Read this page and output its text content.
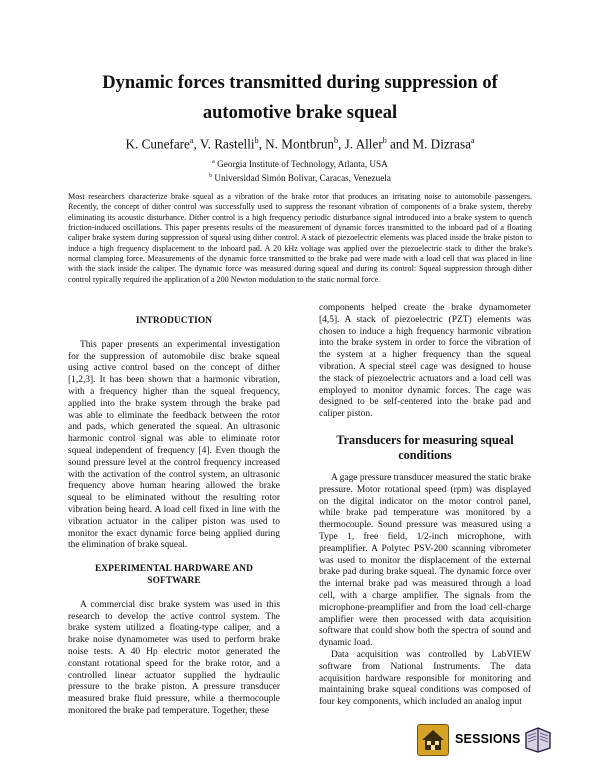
Dynamic forces transmitted during suppression of
automotive brake squeal
K. Cunefare$^a$, V. Rastelli$^b$, N. Montbrun$^b$, J. Aller$^b$ and M. Dizrasa$^a$
$^a$ Georgia Institute of Technology, Atlanta, USA
$^b$ Universidad Simón Bolívar, Caracas, Venezuela

Most researchers characterize brake squeal as a vibration of the brake rotor that produces an irritating noise to automobile passengers. Recently, the concept of dither control was successfully used to suppress the resonant vibration of components of a brake system, thereby eliminating its acoustic disturbance. Dither control is a high frequency periodic disturbance signal introduced into a brake system to quench friction-induced oscillations. This paper presents results of the measurement of dynamic forces transmitted to the inboard pad of a floating caliper brake system during suppression of squeal using dither control. A stack of piezoelectric elements was placed inside the brake piston to induce a high frequency displacement to the inboard pad. A 20 kHz voltage was applied over the piezoelectric stack to dither the brake's normal clamping force. Measurements of the dynamic force transmitted to the brake pad were made with a load cell that was placed in line with the stack inside the caliper. The dynamic force was measured during squeal and during its control: Squeal suppression through dither control typically required the application of a 200 Newton modulation to the static normal force.

INTRODUCTION

This paper presents an experimental investigation for the suppression of automobile disc brake squeal using active control based on the concept of dither [1,2,3]. It has been shown that a harmonic vibration, with a frequency higher than the squeal frequency, applied into the brake system through the brake pad was able to eliminate the feedback between the rotor and pads, which generated the squeal. An ultrasonic harmonic control signal was able to eliminate rotor squeal independent of frequency [4]. Even though the sound pressure level at the control frequency increased with the activation of the control system, an ultrasonic frequency above human hearing allowed the brake squeal to be eliminated without the resulting rotor vibration being heard. A load cell fixed in line with the vibration actuator in the caliper piston was used to monitor the exact dynamic force being applied during the elimination of brake squeal.

EXPERIMENTAL HARDWARE AND
SOFTWARE

A commercial disc brake system was used in this research to develop the active control system. The brake system utilized a floating-type caliper, and a brake noise dynamometer was used to perform brake noise tests. A 40 Hp electric motor generated the constant rotational speed for the brake rotor, and a controlled linear actuator supplied the hydraulic pressure to the brake piston. A pressure transducer measured brake fluid pressure, while a thermocouple monitored the brake pad temperature. Together, these

components helped create the brake dynamometer [4,5]. A stack of piezoelectric (PZT) elements was chosen to induce a high frequency harmonic vibration into the brake system in order to force the vibration of the system at a higher frequency than the squeal vibration. A special steel cage was designed to house the stack of piezoelectric actuators and a load cell was employed to monitor dynamic forces. The cage was designed to be self-centered into the brake pad and caliper piston.

Transducers for measuring squeal
conditions

A gage pressure transducer measured the static brake pressure. Motor rotational speed (rpm) was displayed on the digital indicator on the motor control panel, while brake pad temperature was monitored by a thermocouple. Sound pressure was measured using a Type 1, free field, 1/2-inch microphone, with preamplifier. A Polytec PSV-200 scanning vibrometer was used to monitor the displacement of the external brake pad during brake squeal. The dynamic force over the internal brake pad was measured through a load cell, with a charge amplifier. The signals from the microphone-preamplifier and from the load cell-charge amplifier were then processed with data acquisition software that could show both the spectra of sound and dynamic load.

Data acquisition was controlled by LabVIEW software from National Instruments. The data acquisition hardware responsible for monitoring and maintaining brake squeal conditions was composed of four key components, which included an analog input

SESSIONS
